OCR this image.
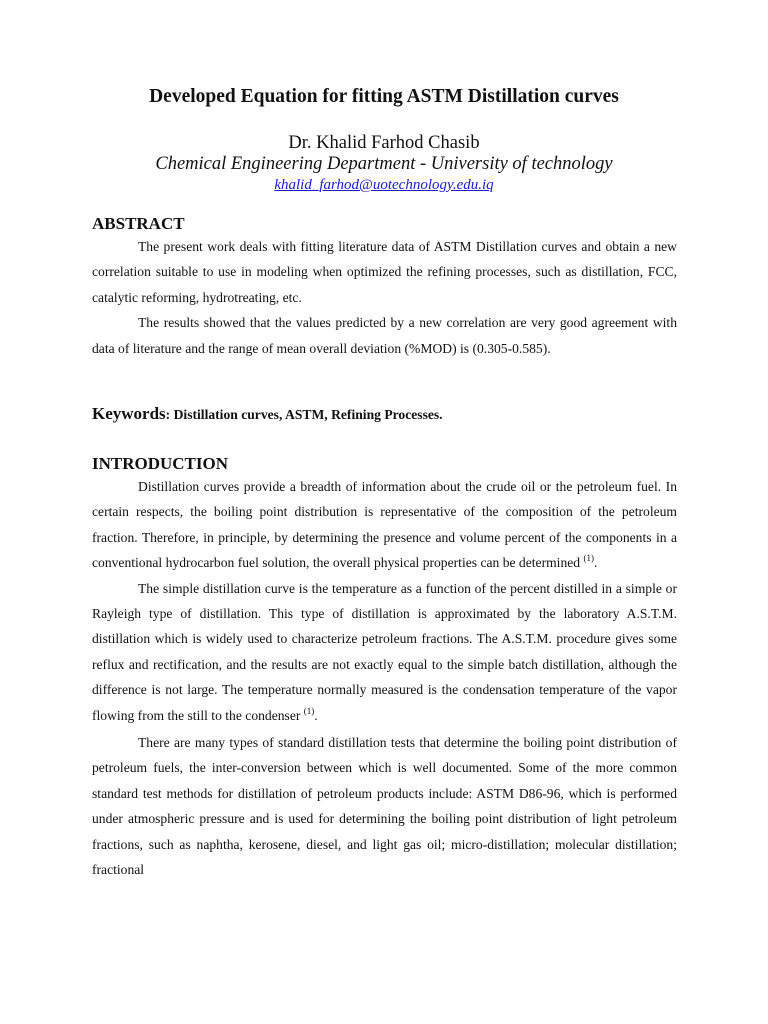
Developed Equation for fitting ASTM Distillation curves
Dr. Khalid Farhod Chasib
Chemical Engineering Department - University of technology
khalid_farhod@uotechnology.edu.iq
ABSTRACT

The present work deals with fitting literature data of ASTM Distillation curves and obtain a new correlation suitable to use in modeling when optimized the refining processes, such as distillation, FCC, catalytic reforming, hydrotreating, etc.

The results showed that the values predicted by a new correlation are very good agreement with data of literature and the range of mean overall deviation (%MOD) is (0.305-0.585).

Keywords: Distillation curves, ASTM, Refining Processes.
INTRODUCTION

Distillation curves provide a breadth of information about the crude oil or the petroleum fuel. In certain respects, the boiling point distribution is representative of the composition of the petroleum fraction. Therefore, in principle, by determining the presence and volume percent of the components in a conventional hydrocarbon fuel solution, the overall physical properties can be determined $^{(1)}$.

The simple distillation curve is the temperature as a function of the percent distilled in a simple or Rayleigh type of distillation. This type of distillation is approximated by the laboratory A.S.T.M. distillation which is widely used to characterize petroleum fractions. The A.S.T.M. procedure gives some reflux and rectification, and the results are not exactly equal to the simple batch distillation, although the difference is not large. The temperature normally measured is the condensation temperature of the vapor flowing from the still to the condenser $^{(1)}$.

There are many types of standard distillation tests that determine the boiling point distribution of petroleum fuels, the inter-conversion between which is well documented. Some of the more common standard test methods for distillation of petroleum products include: ASTM D86-96, which is performed under atmospheric pressure and is used for determining the boiling point distribution of light petroleum fractions, such as naphtha, kerosene, diesel, and light gas oil; micro-distillation; molecular distillation; fractional
